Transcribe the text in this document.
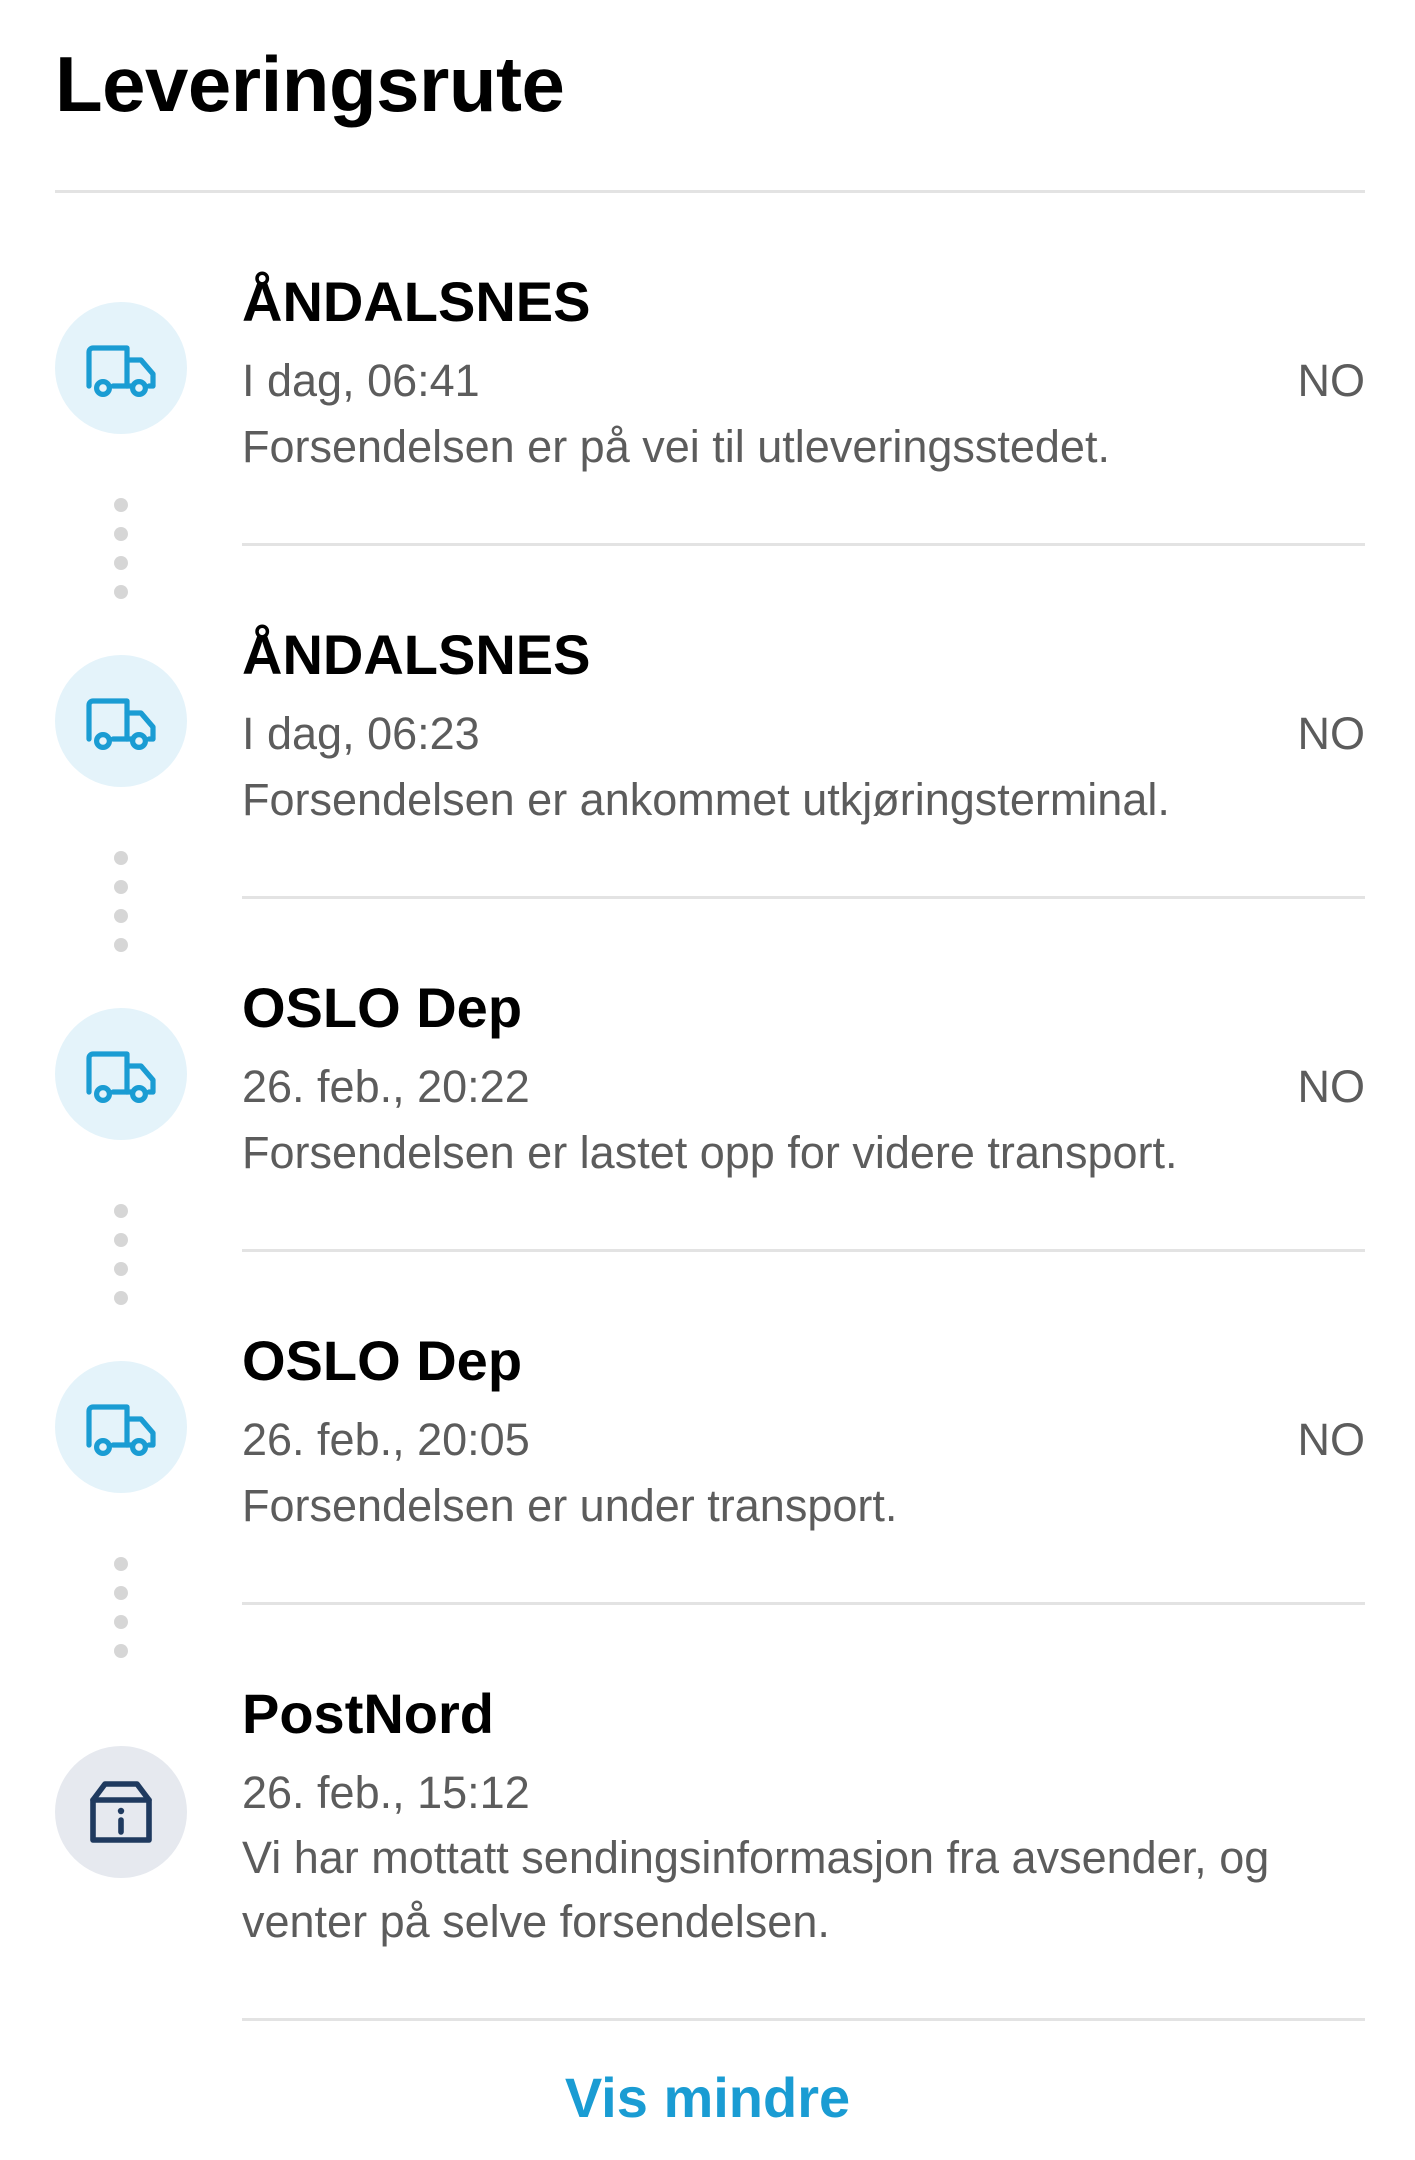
Leveringsrute
ÅNDALSNES
I dag, 06:41	NO
Forsendelsen er på vei til utleveringsstedet.
ÅNDALSNES
I dag, 06:23	NO
Forsendelsen er ankommet utkjøringsterminal.
OSLO Dep
26. feb., 20:22	NO
Forsendelsen er lastet opp for videre transport.
OSLO Dep
26. feb., 20:05	NO
Forsendelsen er under transport.
PostNord
26. feb., 15:12
Vi har mottatt sendingsinformasjon fra avsender, og venter på selve forsendelsen.
Vis mindre
